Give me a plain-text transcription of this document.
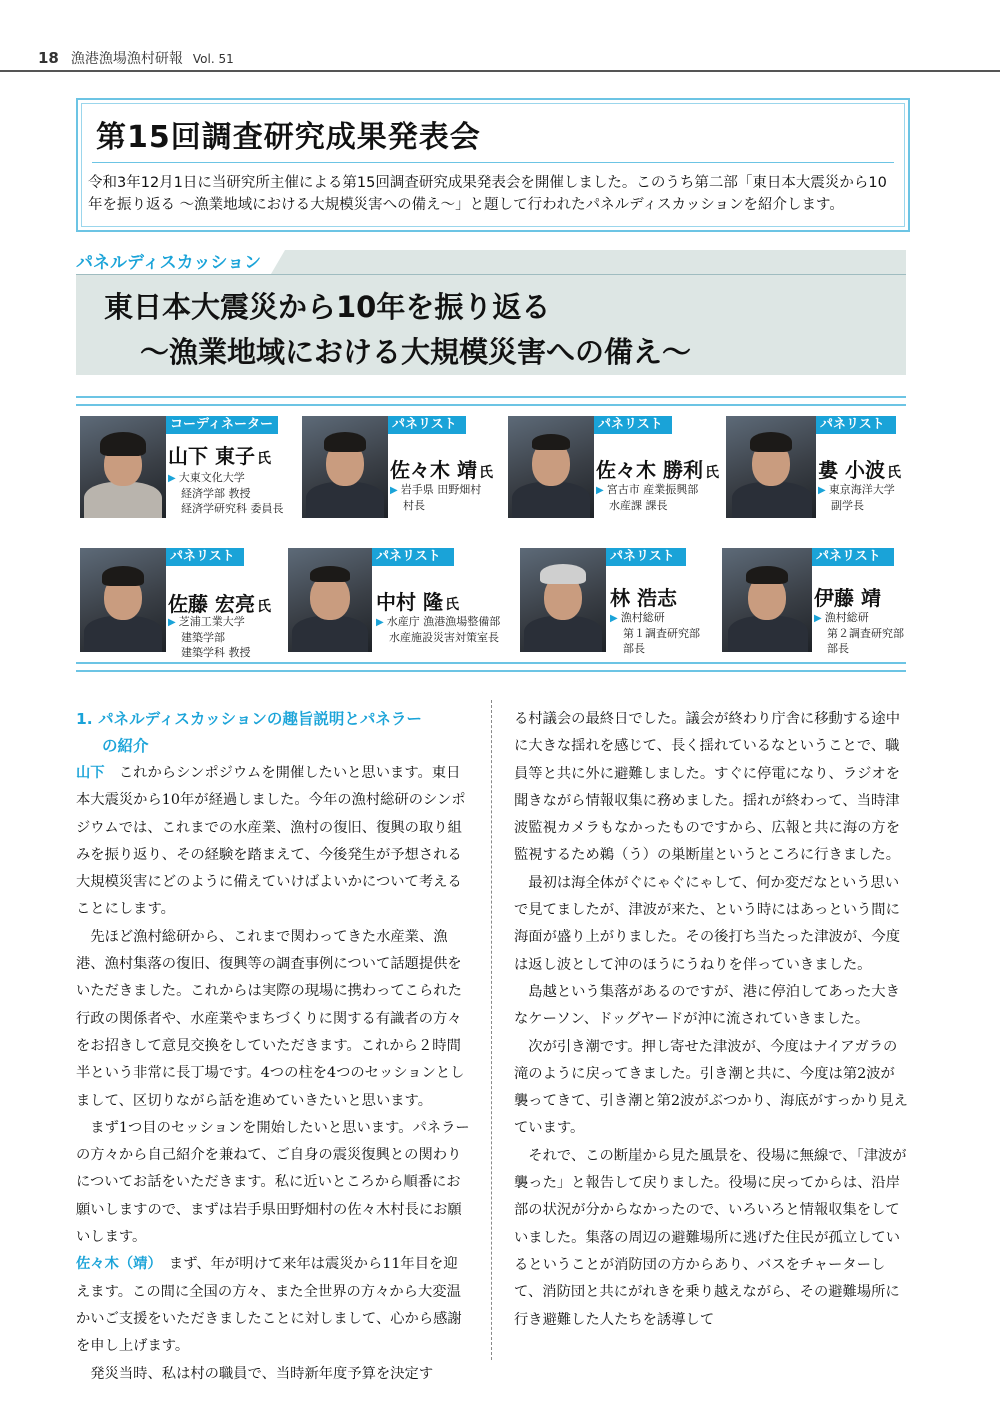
18 漁港漁場漁村研報 Vol. 51
第15回調査研究成果発表会
令和3年12月1日に当研究所主催による第15回調査研究成果発表会を開催しました。このうち第二部「東日本大震災から10
年を振り返る 〜漁業地域における大規模災害への備え〜」と題して行われたパネルディスカッションを紹介します。
パネルディスカッション
東日本大震災から10年を振り返る
〜漁業地域における大規模災害への備え〜
コーディネーター
山下 東子 氏
▶ 大東文化大学
経済学部 教授
経済学研究科 委員長
パネリスト
佐々木 靖 氏
▶ 岩手県 田野畑村
村長
パネリスト
佐々木 勝利 氏
▶ 宮古市 産業振興部
水産課 課長
パネリスト
婁 小波 氏
▶ 東京海洋大学
副学長
パネリスト
佐藤 宏亮 氏
▶ 芝浦工業大学
建築学部
建築学科 教授
パネリスト
中村 隆 氏
▶ 水産庁 漁港漁場整備部
水産施設災害対策室長
パネリスト
林 浩志
▶ 漁村総研
第１調査研究部
部長
パネリスト
伊藤 靖
▶ 漁村総研
第２調査研究部
部長
1. パネルディスカッションの趣旨説明とパネラー
の紹介

山下　これからシンポジウムを開催したいと思います。東日本大震災から10年が経過しました。今年の漁村総研のシンポジウムでは、これまでの水産業、漁村の復旧、復興の取り組みを振り返り、その経験を踏まえて、今後発生が予想される大規模災害にどのように備えていけばよいかについて考えることにします。

　先ほど漁村総研から、これまで関わってきた水産業、漁港、漁村集落の復旧、復興等の調査事例について話題提供をいただきました。これからは実際の現場に携わってこられた行政の関係者や、水産業やまちづくりに関する有識者の方々をお招きして意見交換をしていただきます。これから２時間半という非常に長丁場です。4つの柱を4つのセッションとしまして、区切りながら話を進めていきたいと思います。

　まず1つ目のセッションを開始したいと思います。パネラーの方々から自己紹介を兼ねて、ご自身の震災復興との関わりについてお話をいただきます。私に近いところから順番にお願いしますので、まずは岩手県田野畑村の佐々木村長にお願いします。

佐々木（靖）　まず、年が明けて来年は震災から11年目を迎えます。この間に全国の方々、また全世界の方々から大変温かいご支援をいただきましたことに対しまして、心から感謝を申し上げます。

　発災当時、私は村の職員で、当時新年度予算を決定す

る村議会の最終日でした。議会が終わり庁舎に移動する途中に大きな揺れを感じて、長く揺れているなということで、職員等と共に外に避難しました。すぐに停電になり、ラジオを聞きながら情報収集に務めました。揺れが終わって、当時津波監視カメラもなかったものですから、広報と共に海の方を監視するため鵜（う）の巣断崖というところに行きました。

　最初は海全体がぐにゃぐにゃして、何か変だなという思いで見てましたが、津波が来た、という時にはあっという間に海面が盛り上がりました。その後打ち当たった津波が、今度は返し波として沖のほうにうねりを伴っていきました。

　島越という集落があるのですが、港に停泊してあった大きなケーソン、ドッグヤードが沖に流されていきました。

　次が引き潮です。押し寄せた津波が、今度はナイアガラの滝のように戻ってきました。引き潮と共に、今度は第2波が襲ってきて、引き潮と第2波がぶつかり、海底がすっかり見えています。

　それで、この断崖から見た風景を、役場に無線で、「津波が襲った」と報告して戻りました。役場に戻ってからは、沿岸部の状況が分からなかったので、いろいろと情報収集をしていました。集落の周辺の避難場所に逃げた住民が孤立しているということが消防団の方からあり、バスをチャーターして、消防団と共にがれきを乗り越えながら、その避難場所に行き避難した人たちを誘導して
